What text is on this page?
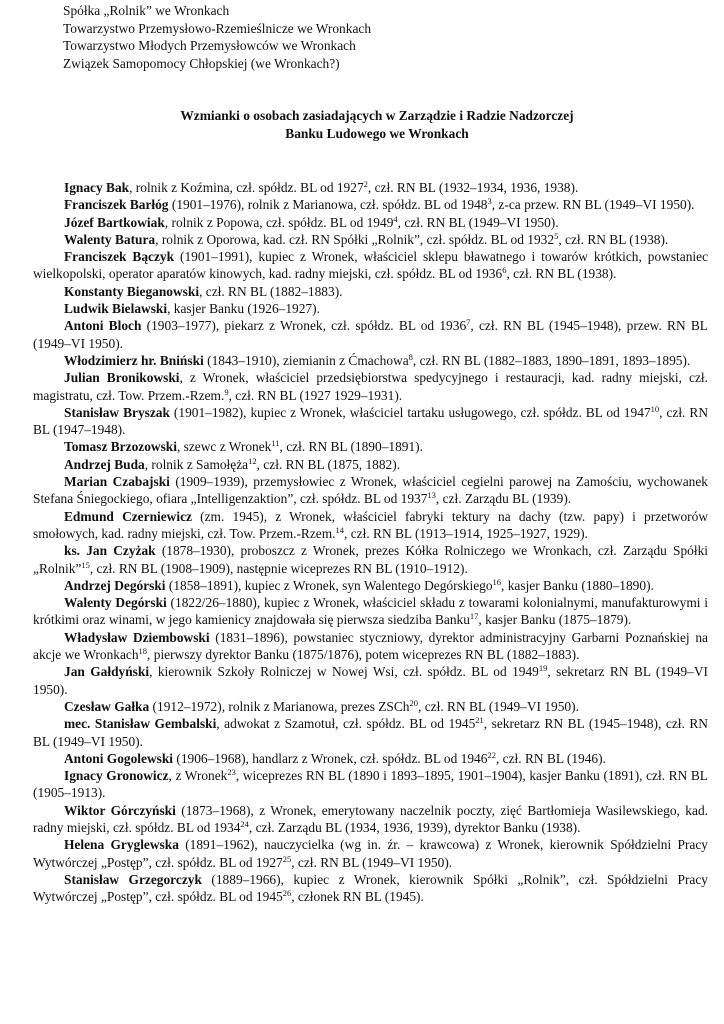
Spółka „Rolnik” we Wronkach
Towarzystwo Przemysłowo-Rzemieślnicze we Wronkach
Towarzystwo Młodych Przemysłowców we Wronkach
Związek Samopomocy Chłopskiej (we Wronkach?)
Wzmianki o osobach zasiadających w Zarządzie i Radzie Nadzorczej
Banku Ludowego we Wronkach

Ignacy Bak, rolnik z Koźmina, czł. spółdz. BL od 1927$^2$, czł. RN BL (1932–1934, 1936, 1938).

Franciszek Barłóg (1901–1976), rolnik z Marianowa, czł. spółdz. BL od 1948$^3$, z-ca przew. RN BL (1949–VI 1950).

Józef Bartkowiak, rolnik z Popowa, czł. spółdz. BL od 1949$^4$, czł. RN BL (1949–VI 1950).

Walenty Batura, rolnik z Oporowa, kad. czł. RN Spółki „Rolnik”, czł. spółdz. BL od 1932$^5$, czł. RN BL (1938).

Franciszek Bączyk (1901–1991), kupiec z Wronek, właściciel sklepu bławatnego i towarów krótkich, powstaniec wielkopolski, operator aparatów kinowych, kad. radny miejski, czł. spółdz. BL od 1936$^6$, czł. RN BL (1938).

Konstanty Bieganowski, czł. RN BL (1882–1883).

Ludwik Bielawski, kasjer Banku (1926–1927).

Antoni Bloch (1903–1977), piekarz z Wronek, czł. spółdz. BL od 1936$^7$, czł. RN BL (1945–1948), przew. RN BL (1949–VI 1950).

Włodzimierz hr. Bniński (1843–1910), ziemianin z Ćmachowa$^8$, czł. RN BL (1882–1883, 1890–1891, 1893–1895).

Julian Bronikowski, z Wronek, właściciel przedsiębiorstwa spedycyjnego i restauracji, kad. radny miejski, czł. magistratu, czł. Tow. Przem.-Rzem.$^9$, czł. RN BL (1927 1929–1931).

Stanisław Bryszak (1901–1982), kupiec z Wronek, właściciel tartaku usługowego, czł. spółdz. BL od 1947$^{10}$, czł. RN BL (1947–1948).

Tomasz Brzozowski, szewc z Wronek$^{11}$, czł. RN BL (1890–1891).

Andrzej Buda, rolnik z Samołęża$^{12}$, czł. RN BL (1875, 1882).

Marian Czabajski (1909–1939), przemysłowiec z Wronek, właściciel cegielni parowej na Zamościu, wychowanek Stefana Śniegockiego, ofiara „Intelligenzaktion”, czł. spółdz. BL od 1937$^{13}$, czł. Zarządu BL (1939).

Edmund Czerniewicz (zm. 1945), z Wronek, właściciel fabryki tektury na dachy (tzw. papy) i przetworów smołowych, kad. radny miejski, czł. Tow. Przem.-Rzem.$^{14}$, czł. RN BL (1913–1914, 1925–1927, 1929).

ks. Jan Czyżak (1878–1930), proboszcz z Wronek, prezes Kółka Rolniczego we Wronkach, czł. Zarządu Spółki „Rolnik”$^{15}$, czł. RN BL (1908–1909), następnie wiceprezes RN BL (1910–1912).

Andrzej Degórski (1858–1891), kupiec z Wronek, syn Walentego Degórskiego$^{16}$, kasjer Banku (1880–1890).

Walenty Degórski (1822/26–1880), kupiec z Wronek, właściciel składu z towarami kolonialnymi, manufakturowymi i krótkimi oraz winami, w jego kamienicy znajdowała się pierwsza siedziba Banku$^{17}$, kasjer Banku (1875–1879).

Władysław Dziembowski (1831–1896), powstaniec styczniowy, dyrektor administracyjny Garbarni Poznańskiej na akcje we Wronkach$^{18}$, pierwszy dyrektor Banku (1875/1876), potem wiceprezes RN BL (1882–1883).

Jan Gałdyński, kierownik Szkoły Rolniczej w Nowej Wsi, czł. spółdz. BL od 1949$^{19}$, sekretarz RN BL (1949–VI 1950).

Czesław Gałka (1912–1972), rolnik z Marianowa, prezes ZSCh$^{20}$, czł. RN BL (1949–VI 1950).

mec. Stanisław Gembalski, adwokat z Szamotuł, czł. spółdz. BL od 1945$^{21}$, sekretarz RN BL (1945–1948), czł. RN BL (1949–VI 1950).

Antoni Gogolewski (1906–1968), handlarz z Wronek, czł. spółdz. BL od 1946$^{22}$, czł. RN BL (1946).

Ignacy Gronowicz, z Wronek$^{23}$, wiceprezes RN BL (1890 i 1893–1895, 1901–1904), kasjer Banku (1891), czł. RN BL (1905–1913).

Wiktor Górczyński (1873–1968), z Wronek, emerytowany naczelnik poczty, zięć Bartłomieja Wasilewskiego, kad. radny miejski, czł. spółdz. BL od 1934$^{24}$, czł. Zarządu BL (1934, 1936, 1939), dyrektor Banku (1938).

Helena Gryglewska (1891–1962), nauczycielka (wg in. źr. – krawcowa) z Wronek, kierownik Spółdzielni Pracy Wytwórczej „Postęp”, czł. spółdz. BL od 1927$^{25}$, czł. RN BL (1949–VI 1950).

Stanisław Grzegorczyk (1889–1966), kupiec z Wronek, kierownik Spółki „Rolnik”, czł. Spółdzielni Pracy Wytwórczej „Postęp”, czł. spółdz. BL od 1945$^{26}$, członek RN BL (1945).
